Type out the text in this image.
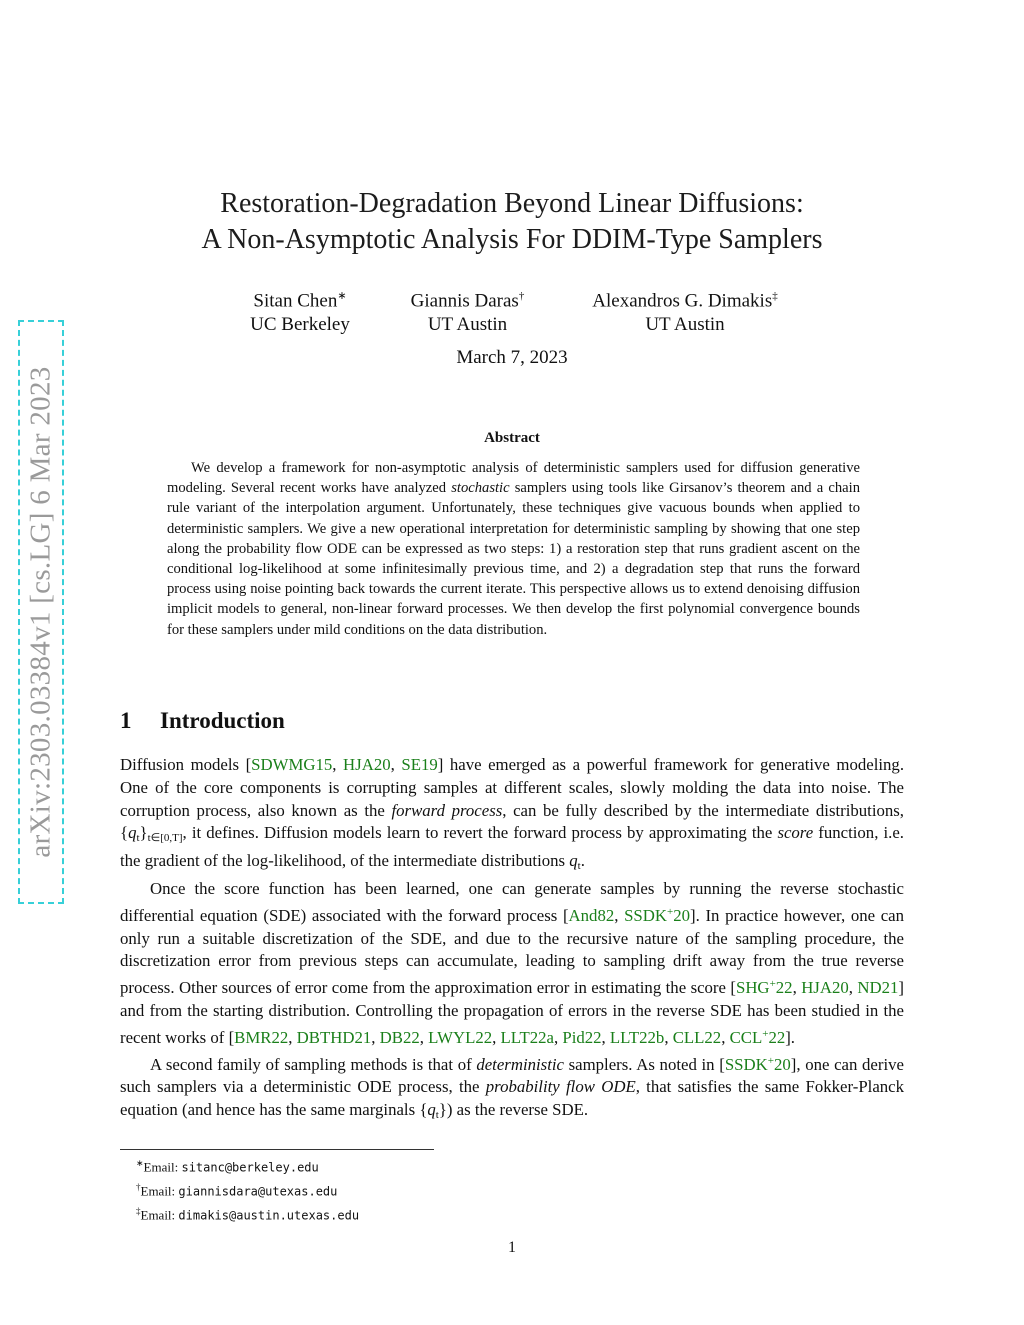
arXiv:2303.03384v1 [cs.LG] 6 Mar 2023
Restoration-Degradation Beyond Linear Diffusions:
A Non-Asymptotic Analysis For DDIM-Type Samplers
Sitan Chen∗
UC Berkeley
Giannis Daras†
UT Austin
Alexandros G. Dimakis‡
UT Austin
March 7, 2023
Abstract
We develop a framework for non-asymptotic analysis of deterministic samplers used for diffusion generative modeling. Several recent works have analyzed stochastic samplers using tools like Girsanov’s theorem and a chain rule variant of the interpolation argument. Unfortunately, these techniques give vacuous bounds when applied to deterministic samplers. We give a new operational interpretation for deterministic sampling by showing that one step along the probability flow ODE can be expressed as two steps: 1) a restoration step that runs gradient ascent on the conditional log-likelihood at some infinitesimally previous time, and 2) a degradation step that runs the forward process using noise pointing back towards the current iterate. This perspective allows us to extend denoising diffusion implicit models to general, non-linear forward processes. We then develop the first polynomial convergence bounds for these samplers under mild conditions on the data distribution.
1 Introduction

Diffusion models [SDWMG15, HJA20, SE19] have emerged as a powerful framework for generative modeling. One of the core components is corrupting samples at different scales, slowly molding the data into noise. The corruption process, also known as the forward process, can be fully described by the intermediate distributions, $\{q_t\}_{t\in[0,T]}$, it defines. Diffusion models learn to revert the forward process by approximating the score function, i.e. the gradient of the log-likelihood, of the intermediate distributions $q_t$.

Once the score function has been learned, one can generate samples by running the reverse stochastic differential equation (SDE) associated with the forward process [And82, SSDK+20]. In practice however, one can only run a suitable discretization of the SDE, and due to the recursive nature of the sampling procedure, the discretization error from previous steps can accumulate, leading to sampling drift away from the true reverse process. Other sources of error come from the approximation error in estimating the score [SHG+22, HJA20, ND21] and from the starting distribution. Controlling the propagation of errors in the reverse SDE has been studied in the recent works of [BMR22, DBTHD21, DB22, LWYL22, LLT22a, Pid22, LLT22b, CLL22, CCL+22].

A second family of sampling methods is that of deterministic samplers. As noted in [SSDK+20], one can derive such samplers via a deterministic ODE process, the probability flow ODE, that satisfies the same Fokker-Planck equation (and hence has the same marginals $\{q_t\}$) as the reverse SDE.

∗Email: sitanc@berkeley.edu
†Email: giannisdara@utexas.edu
‡Email: dimakis@austin.utexas.edu
1
